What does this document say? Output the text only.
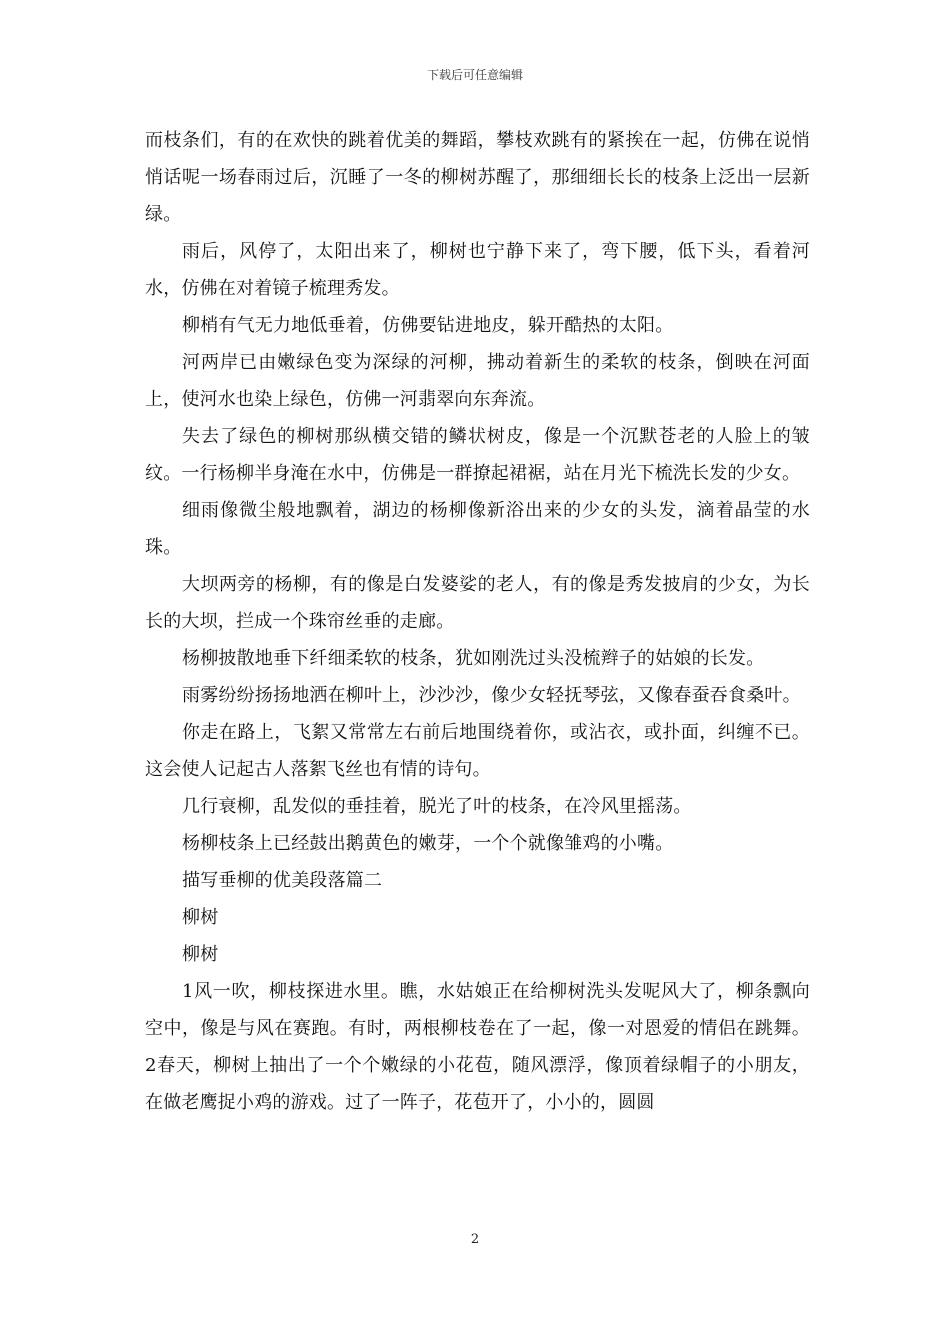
下载后可任意编辑

而枝条们，有的在欢快的跳着优美的舞蹈，攀枝欢跳有的紧挨在一起，仿佛在说悄悄话呢一场春雨过后，沉睡了一冬的柳树苏醒了，那细细长长的枝条上泛出一层新绿。

雨后，风停了，太阳出来了，柳树也宁静下来了，弯下腰，低下头，看着河水，仿佛在对着镜子梳理秀发。

柳梢有气无力地低垂着，仿佛要钻进地皮，躲开酷热的太阳。

河两岸已由嫩绿色变为深绿的河柳，拂动着新生的柔软的枝条，倒映在河面上，使河水也染上绿色，仿佛一河翡翠向东奔流。

失去了绿色的柳树那纵横交错的鳞状树皮，像是一个沉默苍老的人脸上的皱纹。一行杨柳半身淹在水中，仿佛是一群撩起裙裾，站在月光下梳洗长发的少女。

细雨像微尘般地飘着，湖边的杨柳像新浴出来的少女的头发，滴着晶莹的水珠。

大坝两旁的杨柳，有的像是白发婆娑的老人，有的像是秀发披肩的少女，为长长的大坝，拦成一个珠帘丝垂的走廊。

杨柳披散地垂下纤细柔软的枝条，犹如刚洗过头没梳辫子的姑娘的长发。

雨雾纷纷扬扬地洒在柳叶上，沙沙沙，像少女轻抚琴弦，又像春蚕吞食桑叶。

你走在路上，飞絮又常常左右前后地围绕着你，或沾衣，或扑面，纠缠不已。这会使人记起古人落絮飞丝也有情的诗句。

几行衰柳，乱发似的垂挂着，脱光了叶的枝条，在冷风里摇荡。

杨柳枝条上已经鼓出鹅黄色的嫩芽，一个个就像雏鸡的小嘴。

描写垂柳的优美段落篇二

柳树

柳树

1风一吹，柳枝探进水里。瞧，水姑娘正在给柳树洗头发呢风大了，柳条飘向空中，像是与风在赛跑。有时，两根柳枝卷在了一起，像一对恩爱的情侣在跳舞。2春天，柳树上抽出了一个个嫩绿的小花苞，随风漂浮，像顶着绿帽子的小朋友，在做老鹰捉小鸡的游戏。过了一阵子，花苞开了，小小的，圆圆

2
